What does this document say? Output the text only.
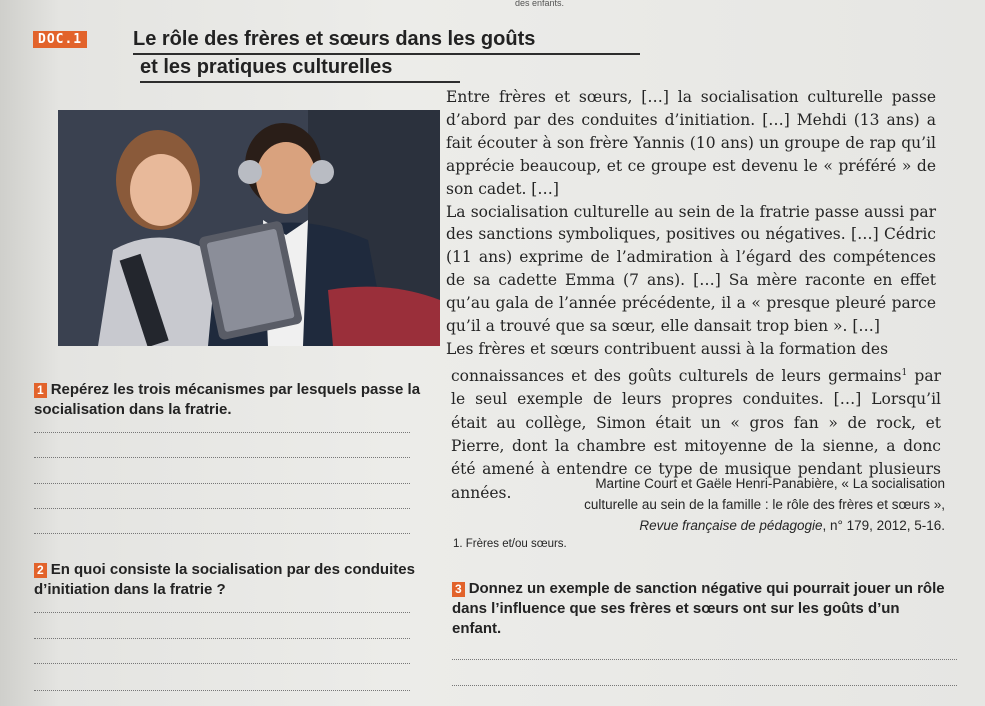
des enfants.
DOC.1	Le rôle des frères et sœurs dans les goûts
et les pratiques culturelles

Entre frères et sœurs, […] la socialisation culturelle passe d’abord par des conduites d’initiation. […] Mehdi (13 ans) a fait écouter à son frère Yannis (10 ans) un groupe de rap qu’il apprécie beaucoup, et ce groupe est devenu le « préféré » de son cadet. […]

La socialisation culturelle au sein de la fratrie passe aussi par des sanctions symboliques, positives ou négatives. […] Cédric (11 ans) exprime de l’admiration à l’égard des compétences de sa cadette Emma (7 ans). […] Sa mère raconte en effet qu’au gala de l’année précédente, il a « presque pleuré parce qu’il a trouvé que sa sœur, elle dansait trop bien ». […]

Les frères et sœurs contribuent aussi à la formation des

connaissances et des goûts culturels de leurs germains$^1$ par le seul exemple de leurs propres conduites. […] Lorsqu’il était au collège, Simon était un « gros fan » de rock, et Pierre, dont la chambre est mitoyenne de la sienne, a donc été amené à entendre ce type de musique pendant plusieurs années.
Martine Court et Gaële Henri-Panabière, « La socialisation
culturelle au sein de la famille : le rôle des frères et sœurs »,
Revue française de pédagogie, n° 179, 2012, 5-16.
1. Frères et/ou sœurs.
1 Repérez les trois mécanismes par lesquels passe la socialisation dans la fratrie.
2 En quoi consiste la socialisation par des conduites d’initiation dans la fratrie ?	3 Donnez un exemple de sanction négative qui pourrait jouer un rôle dans l’influence que ses frères et sœurs ont sur les goûts d’un enfant.
